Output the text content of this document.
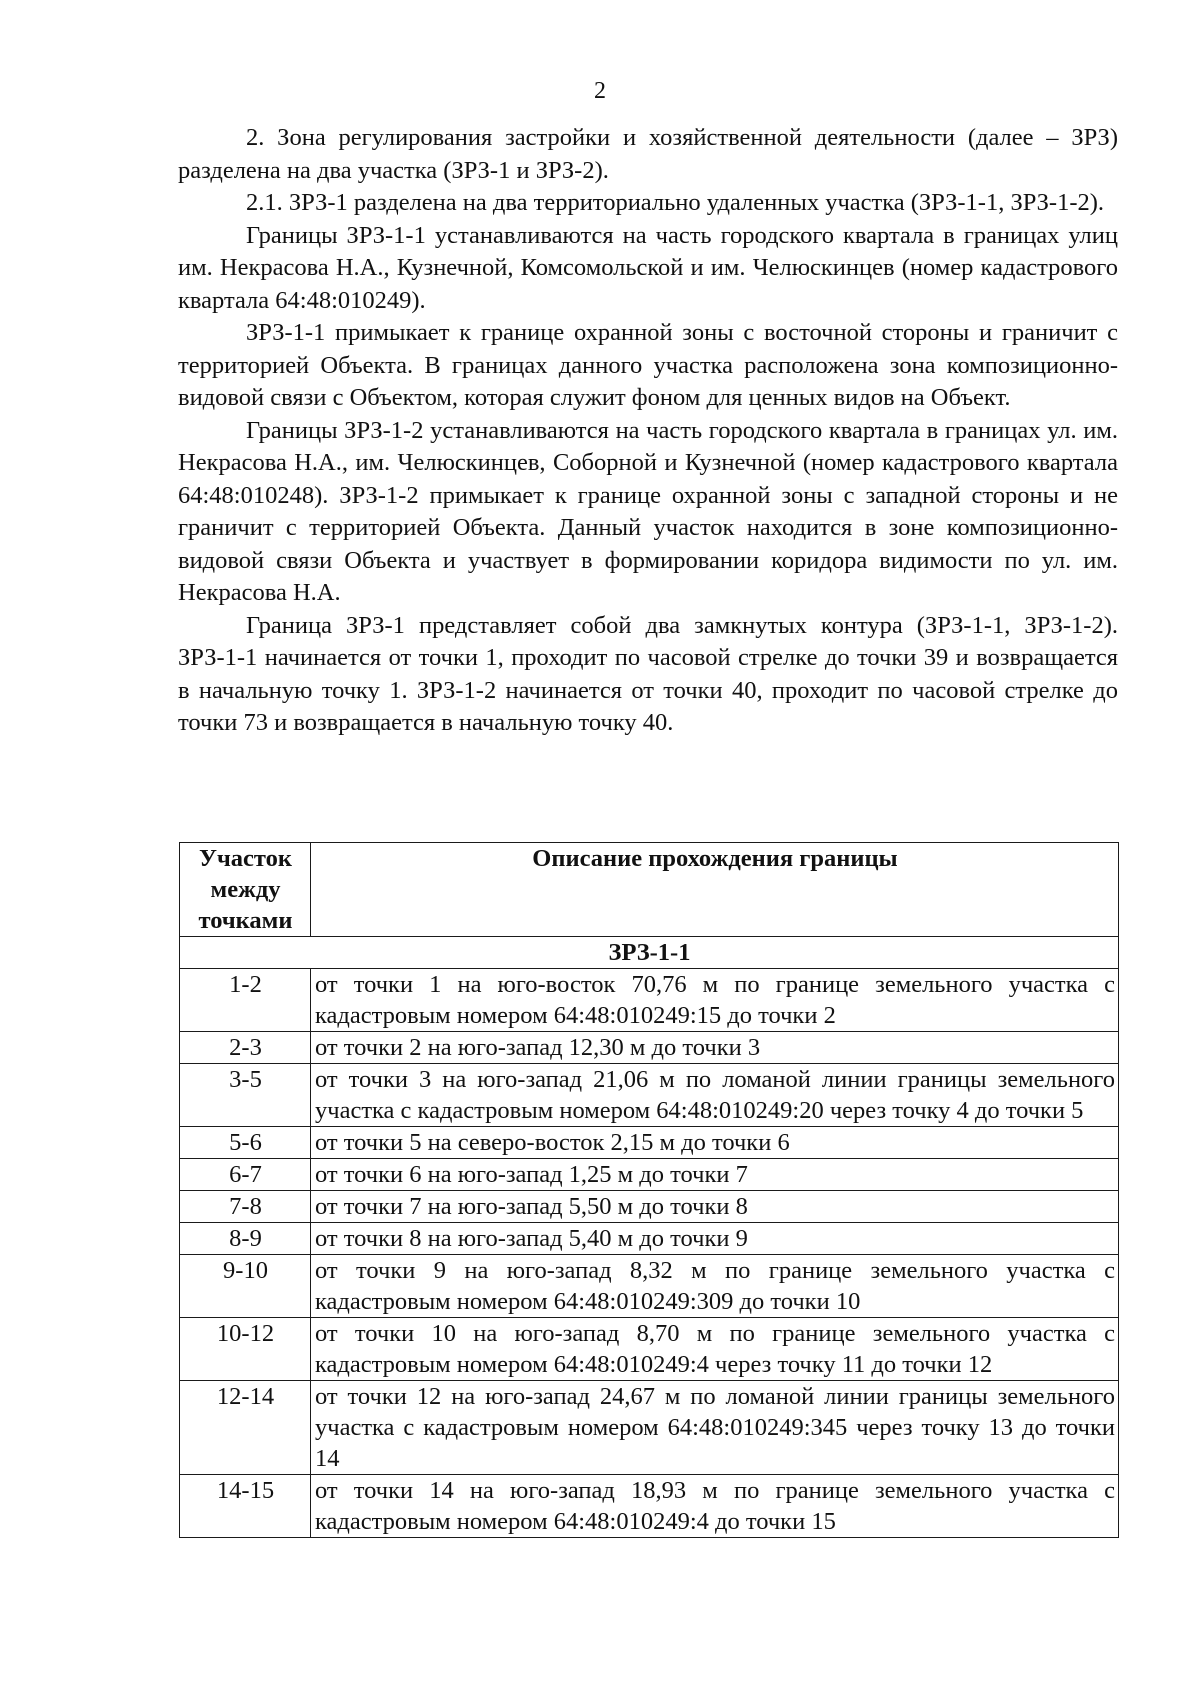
2

2. Зона регулирования застройки и хозяйственной деятельности (далее – ЗРЗ) разделена на два участка (ЗРЗ-1 и ЗРЗ-2).

2.1. ЗРЗ-1 разделена на два территориально удаленных участка (ЗРЗ-1-1, ЗРЗ-1-2).

Границы ЗРЗ-1-1 устанавливаются на часть городского квартала в границах улиц им. Некрасова Н.А., Кузнечной, Комсомольской и им. Челюскинцев (номер кадастрового квартала 64:48:010249).

ЗРЗ-1-1 примыкает к границе охранной зоны с восточной стороны и граничит с территорией Объекта. В границах данного участка расположена зона композиционно-видовой связи с Объектом, которая служит фоном для ценных видов на Объект.

Границы ЗРЗ-1-2 устанавливаются на часть городского квартала в границах ул. им. Некрасова Н.А., им. Челюскинцев, Соборной и Кузнечной (номер кадастрового квартала 64:48:010248). ЗРЗ-1-2 примыкает к границе охранной зоны с западной стороны и не граничит с территорией Объекта. Данный участок находится в зоне композиционно-видовой связи Объекта и участвует в формировании коридора видимости по ул. им. Некрасова Н.А.

Граница ЗРЗ-1 представляет собой два замкнутых контура (ЗРЗ-1-1, ЗРЗ-1-2). ЗРЗ-1-1 начинается от точки 1, проходит по часовой стрелке до точки 39 и возвращается в начальную точку 1. ЗРЗ-1-2 начинается от точки 40, проходит по часовой стрелке до точки 73 и возвращается в начальную точку 40.

Участок между точками	Описание прохождения границы
ЗРЗ-1-1	
1-2	от точки 1 на юго-восток 70,76 м по границе земельного участка с кадастровым номером 64:48:010249:15 до точки 2
2-3	от точки 2 на юго-запад 12,30 м до точки 3
3-5	от точки 3 на юго-запад 21,06 м по ломаной линии границы земельного участка с кадастровым номером 64:48:010249:20 через точку 4 до точки 5
5-6	от точки 5 на северо-восток 2,15 м до точки 6
6-7	от точки 6 на юго-запад 1,25 м до точки 7
7-8	от точки 7 на юго-запад 5,50 м до точки 8
8-9	от точки 8 на юго-запад 5,40 м до точки 9
9-10	от точки 9 на юго-запад 8,32 м по границе земельного участка с кадастровым номером 64:48:010249:309 до точки 10
10-12	от точки 10 на юго-запад 8,70 м по границе земельного участка с кадастровым номером 64:48:010249:4 через точку 11 до точки 12
12-14	от точки 12 на юго-запад 24,67 м по ломаной линии границы земельного участка с кадастровым номером 64:48:010249:345 через точку 13 до точки 14
14-15	от точки 14 на юго-запад 18,93 м по границе земельного участка с кадастровым номером 64:48:010249:4 до точки 15
